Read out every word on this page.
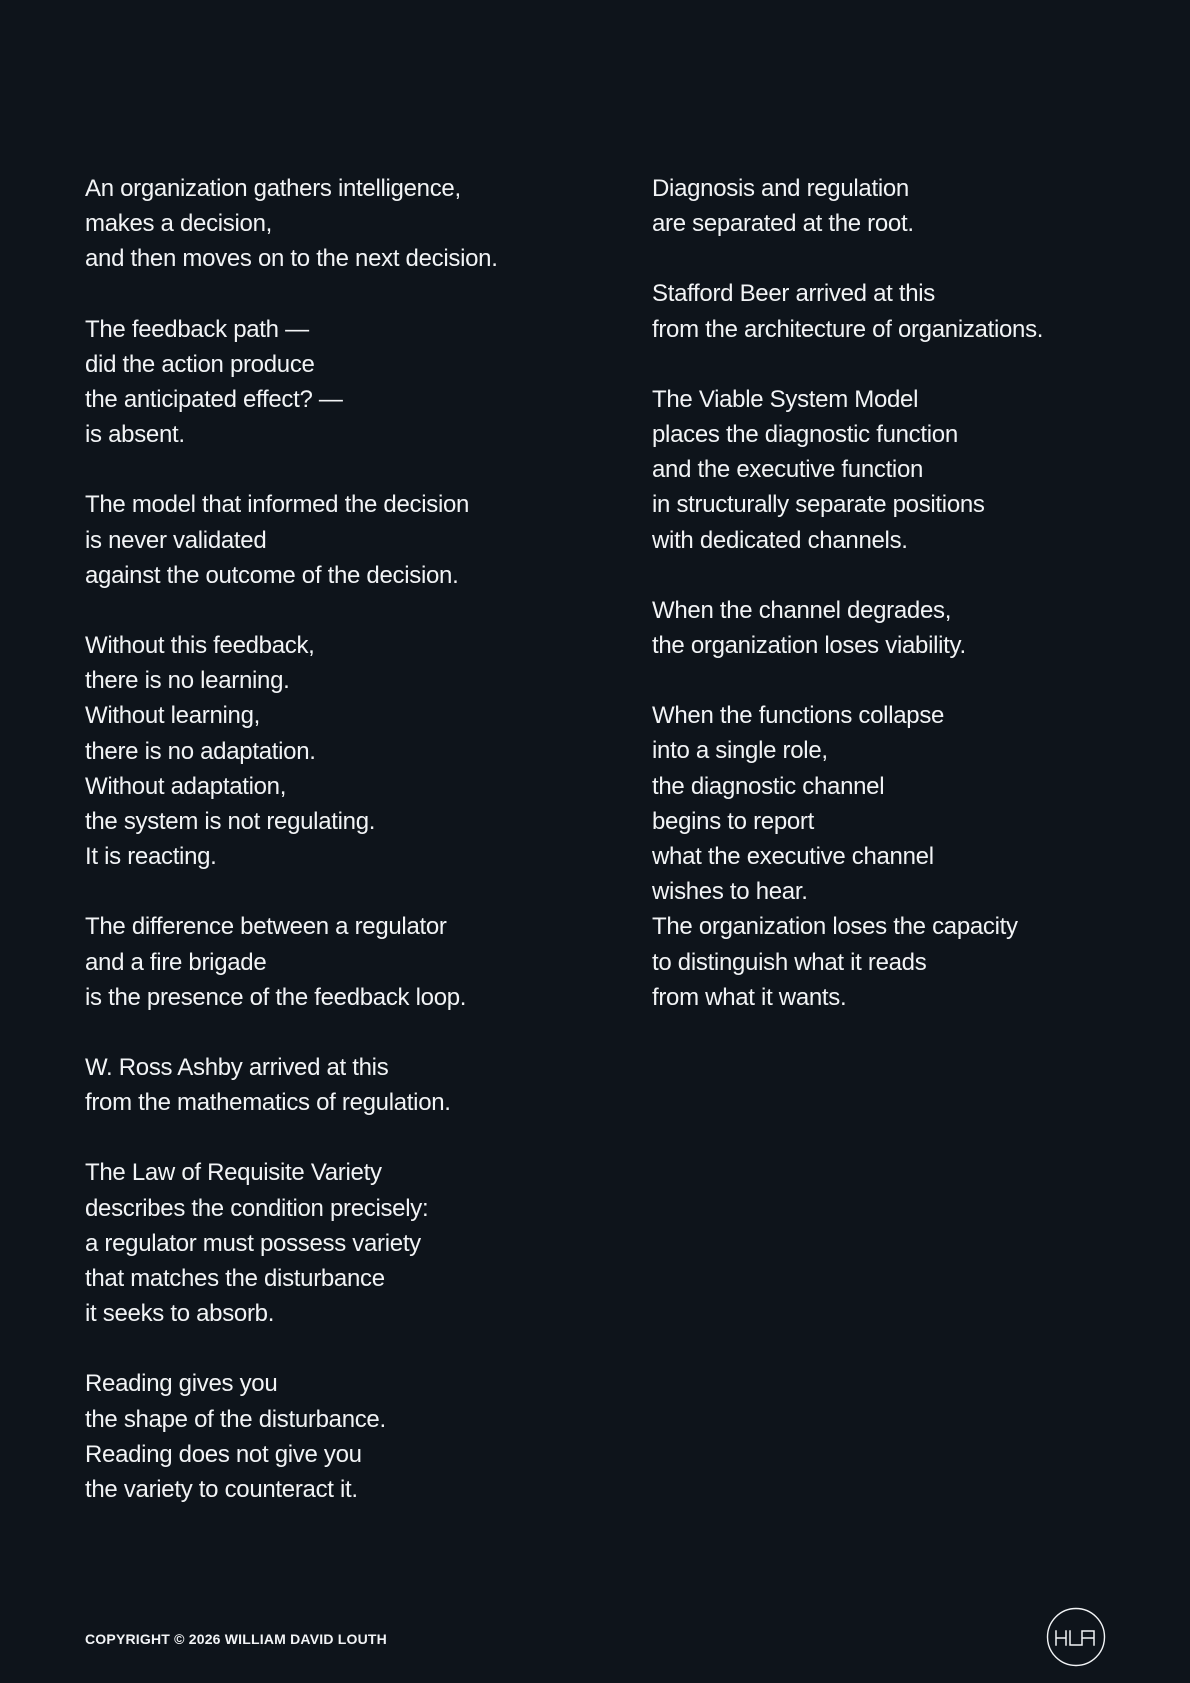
An organization gathers intelligence,
makes a decision,
and then moves on to the next decision.
The feedback path —
did the action produce
the anticipated effect? —
is absent.
The model that informed the decision
is never validated
against the outcome of the decision.
Without this feedback,
there is no learning.
Without learning,
there is no adaptation.
Without adaptation,
the system is not regulating.
It is reacting.
The difference between a regulator
and a fire brigade
is the presence of the feedback loop.
W. Ross Ashby arrived at this
from the mathematics of regulation.
The Law of Requisite Variety
describes the condition precisely:
a regulator must possess variety
that matches the disturbance
it seeks to absorb.
Reading gives you
the shape of the disturbance.
Reading does not give you
the variety to counteract it.
Diagnosis and regulation
are separated at the root.
Stafford Beer arrived at this
from the architecture of organizations.
The Viable System Model
places the diagnostic function
and the executive function
in structurally separate positions
with dedicated channels.
When the channel degrades,
the organization loses viability.
When the functions collapse
into a single role,
the diagnostic channel
begins to report
what the executive channel
wishes to hear.
The organization loses the capacity
to distinguish what it reads
from what it wants.
COPYRIGHT © 2026 WILLIAM DAVID LOUTH
